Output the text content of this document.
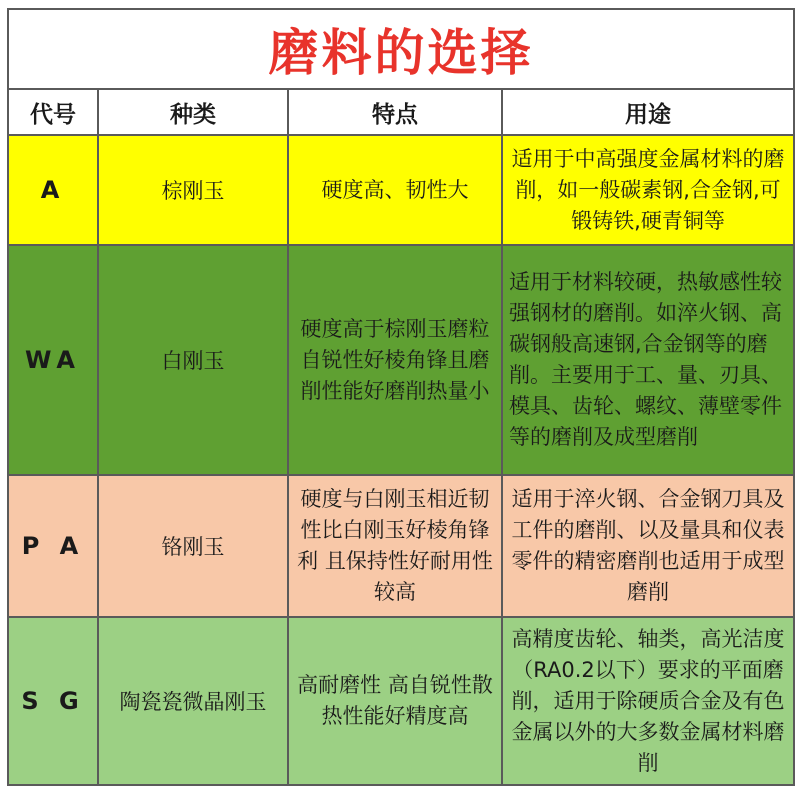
磨料的选择			
代号	种类	特点	用途
A	棕刚玉	硬度高、韧性大	适用于中高强度金属材料的磨削，如一般碳素钢,合金钢,可锻铸铁,硬青铜等
WA	白刚玉	硬度高于棕刚玉磨粒自锐性好棱角锋且磨削性能好磨削热量小	适用于材料较硬，热敏感性较强钢材的磨削。如淬火钢、高碳钢般高速钢,合金钢等的磨削。主要用于工、量、刃具、模具、齿轮、螺纹、薄壁零件等的磨削及成型磨削
P A	铬刚玉	硬度与白刚玉相近韧性比白刚玉好棱角锋利 且保持性好耐用性较高	适用于淬火钢、合金钢刀具及工件的磨削、以及量具和仪表零件的精密磨削也适用于成型磨削
S G	陶瓷瓷微晶刚玉	高耐磨性 高自锐性散热性能好精度高	高精度齿轮、轴类，高光洁度（RA0.2以下）要求的平面磨削，适用于除硬质合金及有色金属以外的大多数金属材料磨削
